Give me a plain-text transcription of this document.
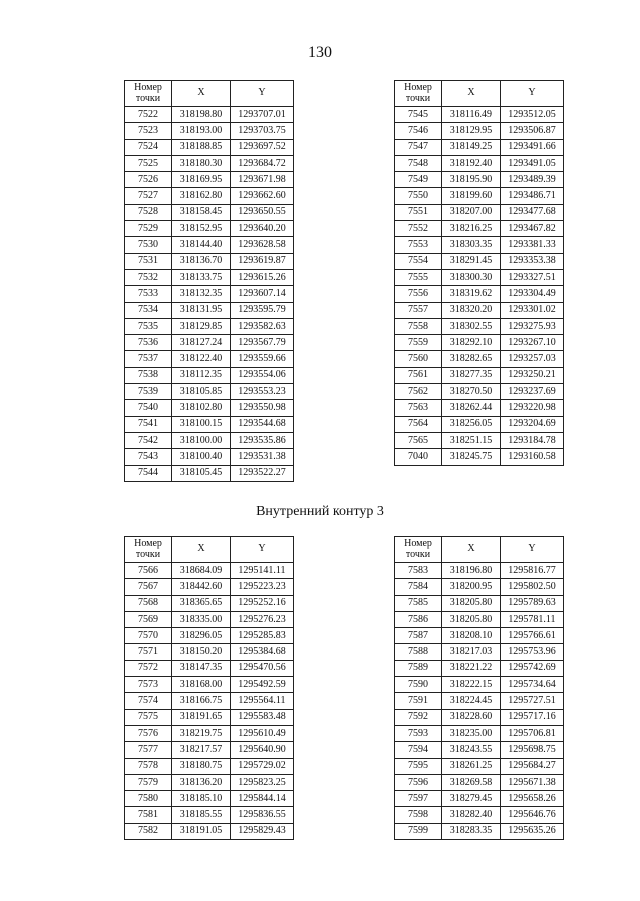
130
Номер
точки	X	Y
7522	318198.80	1293707.01
7523	318193.00	1293703.75
7524	318188.85	1293697.52
7525	318180.30	1293684.72
7526	318169.95	1293671.98
7527	318162.80	1293662.60
7528	318158.45	1293650.55
7529	318152.95	1293640.20
7530	318144.40	1293628.58
7531	318136.70	1293619.87
7532	318133.75	1293615.26
7533	318132.35	1293607.14
7534	318131.95	1293595.79
7535	318129.85	1293582.63
7536	318127.24	1293567.79
7537	318122.40	1293559.66
7538	318112.35	1293554.06
7539	318105.85	1293553.23
7540	318102.80	1293550.98
7541	318100.15	1293544.68
7542	318100.00	1293535.86
7543	318100.40	1293531.38
7544	318105.45	1293522.27
Номер
точки	X	Y
7545	318116.49	1293512.05
7546	318129.95	1293506.87
7547	318149.25	1293491.66
7548	318192.40	1293491.05
7549	318195.90	1293489.39
7550	318199.60	1293486.71
7551	318207.00	1293477.68
7552	318216.25	1293467.82
7553	318303.35	1293381.33
7554	318291.45	1293353.38
7555	318300.30	1293327.51
7556	318319.62	1293304.49
7557	318320.20	1293301.02
7558	318302.55	1293275.93
7559	318292.10	1293267.10
7560	318282.65	1293257.03
7561	318277.35	1293250.21
7562	318270.50	1293237.69
7563	318262.44	1293220.98
7564	318256.05	1293204.69
7565	318251.15	1293184.78
7040	318245.75	1293160.58
Внутренний контур 3
Номер
точки	X	Y
7566	318684.09	1295141.11
7567	318442.60	1295223.23
7568	318365.65	1295252.16
7569	318335.00	1295276.23
7570	318296.05	1295285.83
7571	318150.20	1295384.68
7572	318147.35	1295470.56
7573	318168.00	1295492.59
7574	318166.75	1295564.11
7575	318191.65	1295583.48
7576	318219.75	1295610.49
7577	318217.57	1295640.90
7578	318180.75	1295729.02
7579	318136.20	1295823.25
7580	318185.10	1295844.14
7581	318185.55	1295836.55
7582	318191.05	1295829.43
Номер
точки	X	Y
7583	318196.80	1295816.77
7584	318200.95	1295802.50
7585	318205.80	1295789.63
7586	318205.80	1295781.11
7587	318208.10	1295766.61
7588	318217.03	1295753.96
7589	318221.22	1295742.69
7590	318222.15	1295734.64
7591	318224.45	1295727.51
7592	318228.60	1295717.16
7593	318235.00	1295706.81
7594	318243.55	1295698.75
7595	318261.25	1295684.27
7596	318269.58	1295671.38
7597	318279.45	1295658.26
7598	318282.40	1295646.76
7599	318283.35	1295635.26
